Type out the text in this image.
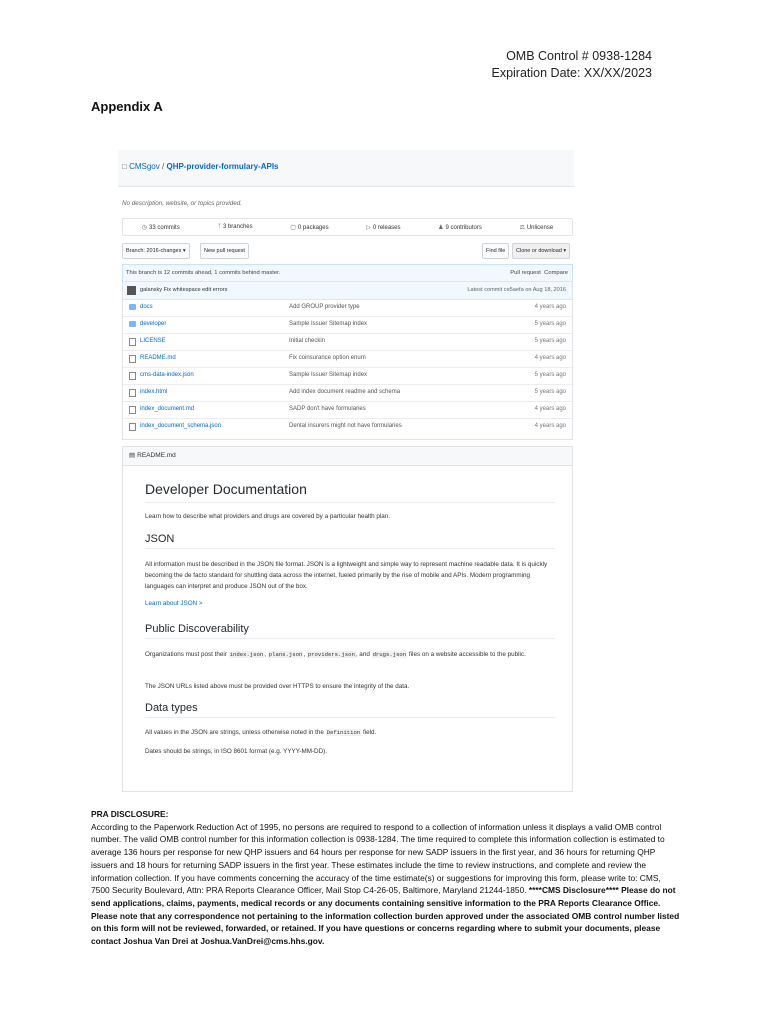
OMB Control # 0938-1284
Expiration Date: XX/XX/2023
Appendix A
□ CMSgov / QHP-provider-formulary-APIs
No description, website, or topics provided.
◷ 33 commits	ᛉ 3 branches	▢ 0 packages	▷ 0 releases	♟ 9 contributors	⚖ Unlicense
Branch: 2016-changes ▾	New pull request	Find file	Clone or download ▾
This branch is 12 commits ahead, 1 commits behind master.	Pull request Compare
galansky Fix whitespace edit errors	Latest commit ce5aefa on Aug 18, 2016
docs	Add GROUP provider type	4 years ago
developer	Sample Issuer Sitemap index	5 years ago
LICENSE	Initial checkin	5 years ago
README.md	Fix coinsurance option enum	4 years ago
cms-data-index.json	Sample Issuer Sitemap index	5 years ago
index.html	Add index document readme and schema	5 years ago
index_document.md	SADP don't have formularies	4 years ago
index_document_schema.json	Dental insurers might not have formularies	4 years ago
▤ README.md
Developer Documentation
Learn how to describe what providers and drugs are covered by a particular health plan.
JSON
All information must be described in the JSON file format. JSON is a lightweight and simple way to represent machine readable data. It is quickly becoming the de facto standard for shuttling data across the internet, fueled primarily by the rise of mobile and APIs. Modern programming languages can interpret and produce JSON out of the box.
Learn about JSON >
Public Discoverability
Organizations must post their index.json, plans.json, providers.json, and drugs.json files on a website accessible to the public.
The JSON URLs listed above must be provided over HTTPS to ensure the integrity of the data.
Data types
All values in the JSON are strings, unless otherwise noted in the Definition field.
Dates should be strings, in ISO 8601 format (e.g. YYYY-MM-DD).
PRA DISCLOSURE:
According to the Paperwork Reduction Act of 1995, no persons are required to respond to a collection of information unless it displays a valid OMB control number. The valid OMB control number for this information collection is 0938-1284. The time required to complete this information collection is estimated to average 136 hours per response for new QHP issuers and 64 hours per response for new SADP issuers in the first year, and 36 hours for returning QHP issuers and 18 hours for returning SADP issuers in the first year. These estimates include the time to review instructions, and complete and review the information collection. If you have comments concerning the accuracy of the time estimate(s) or suggestions for improving this form, please write to: CMS, 7500 Security Boulevard, Attn: PRA Reports Clearance Officer, Mail Stop C4-26-05, Baltimore, Maryland 21244-1850. ****CMS Disclosure**** Please do not send applications, claims, payments, medical records or any documents containing sensitive information to the PRA Reports Clearance Office. Please note that any correspondence not pertaining to the information collection burden approved under the associated OMB control number listed on this form will not be reviewed, forwarded, or retained. If you have questions or concerns regarding where to submit your documents, please contact Joshua Van Drei at Joshua.VanDrei@cms.hhs.gov.
